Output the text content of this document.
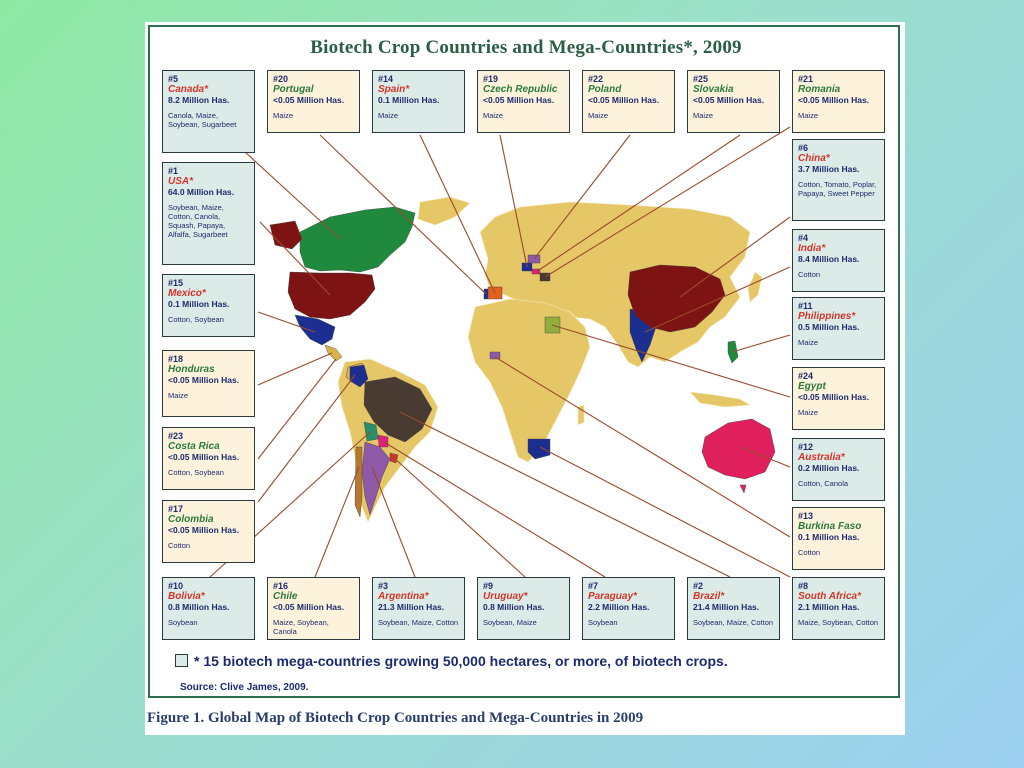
Biotech Crop Countries and Mega-Countries*, 2009
#5
Canada*
8.2 Million Has.
Canola, Maize, Soybean, Sugarbeet
#20
Portugal
<0.05 Million Has.
Maize
#14
Spain*
0.1 Million Has.
Maize
#19
Czech Republic
<0.05 Million Has.
Maize
#22
Poland
<0.05 Million Has.
Maize
#25
Slovakia
<0.05 Million Has.
Maize
#21
Romania
<0.05 Million Has.
Maize
#1
USA*
64.0 Million Has.
Soybean, Maize, Cotton, Canola, Squash, Papaya, Alfalfa, Sugarbeet
#15
Mexico*
0.1 Million Has.
Cotton, Soybean
#18
Honduras
<0.05 Million Has.
Maize
#23
Costa Rica
<0.05 Million Has.
Cotton, Soybean
#17
Colombia
<0.05 Million Has.
Cotton
#6
China*
3.7 Million Has.
Cotton, Tomato, Poplar, Papaya, Sweet Pepper
#4
India*
8.4 Million Has.
Cotton
#11
Philippines*
0.5 Million Has.
Maize
#24
Egypt
<0.05 Million Has.
Maize
#12
Australia*
0.2 Million Has.
Cotton, Canola
#13
Burkina Faso
0.1 Million Has.
Cotton
#10
Bolivia*
0.8 Million Has.
Soybean
#16
Chile
<0.05 Million Has.
Maize, Soybean, Canola
#3
Argentina*
21.3 Million Has.
Soybean, Maize, Cotton
#9
Uruguay*
0.8 Million Has.
Soybean, Maize
#7
Paraguay*
2.2 Million Has.
Soybean
#2
Brazil*
21.4 Million Has.
Soybean, Maize, Cotton
#8
South Africa*
2.1 Million Has.
Maize, Soybean, Cotton
* 15 biotech mega-countries growing 50,000 hectares, or more, of biotech crops.
Source: Clive James, 2009.
Figure 1. Global Map of Biotech Crop Countries and Mega-Countries in 2009
